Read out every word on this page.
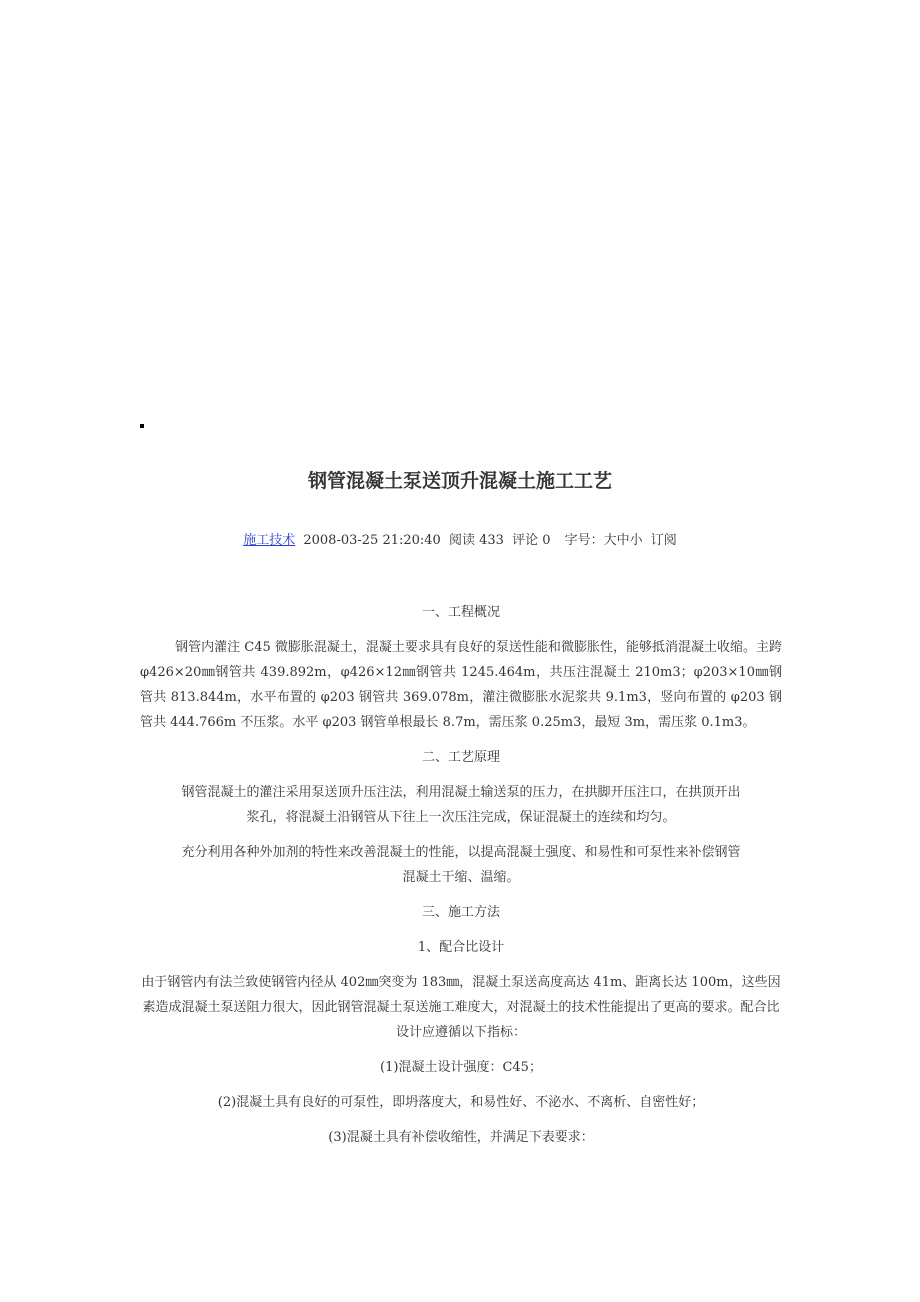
钢管混凝土泵送顶升混凝土施工工艺
施工技术 2008-03-25 21:20:40 阅读 433 评论 0 字号：大中小 订阅

一、工程概况

钢管内灌注 C45 微膨胀混凝土，混凝土要求具有良好的泵送性能和微膨胀性，能够抵消混凝土收缩。主跨 φ426×20㎜钢管共 439.892m，φ426×12㎜钢管共 1245.464m，共压注混凝土 210m3；φ203×10㎜钢管共 813.844m，水平布置的 φ203 钢管共 369.078m，灌注微膨胀水泥浆共 9.1m3，竖向布置的 φ203 钢管共 444.766m 不压浆。水平 φ203 钢管单根最长 8.7m，需压浆 0.25m3，最短 3m，需压浆 0.1m3。

二、工艺原理

钢管混凝土的灌注采用泵送顶升压注法，利用混凝土输送泵的压力，在拱脚开压注口，在拱顶开出浆孔，将混凝土沿钢管从下往上一次压注完成，保证混凝土的连续和均匀。

充分利用各种外加剂的特性来改善混凝土的性能，以提高混凝土强度、和易性和可泵性来补偿钢管混凝土干缩、温缩。

三、施工方法

1、配合比设计

由于钢管内有法兰致使钢管内径从 402㎜突变为 183㎜，混凝土泵送高度高达 41m、距离长达 100m，这些因素造成混凝土泵送阻力很大，因此钢管混凝土泵送施工难度大，对混凝土的技术性能提出了更高的要求。配合比设计应遵循以下指标：

(1)混凝土设计强度：C45；

(2)混凝土具有良好的可泵性，即坍落度大，和易性好、不泌水、不离析、自密性好；

(3)混凝土具有补偿收缩性，并满足下表要求：
